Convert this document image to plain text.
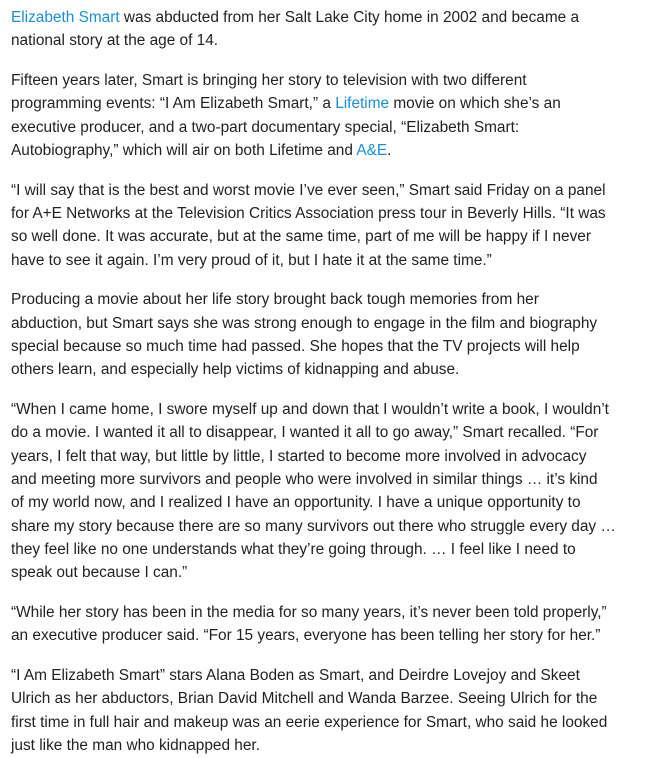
Elizabeth Smart was abducted from her Salt Lake City home in 2002 and became a
national story at the age of 14.

Fifteen years later, Smart is bringing her story to television with two different
programming events: “I Am Elizabeth Smart,” a Lifetime movie on which she’s an
executive producer, and a two-part documentary special, “Elizabeth Smart:
Autobiography,” which will air on both Lifetime and A&E.

“I will say that is the best and worst movie I’ve ever seen,” Smart said Friday on a panel
for A+E Networks at the Television Critics Association press tour in Beverly Hills. “It was
so well done. It was accurate, but at the same time, part of me will be happy if I never
have to see it again. I’m very proud of it, but I hate it at the same time.”

Producing a movie about her life story brought back tough memories from her
abduction, but Smart says she was strong enough to engage in the film and biography
special because so much time had passed. She hopes that the TV projects will help
others learn, and especially help victims of kidnapping and abuse.

“When I came home, I swore myself up and down that I wouldn’t write a book, I wouldn’t
do a movie. I wanted it all to disappear, I wanted it all to go away,” Smart recalled. “For
years, I felt that way, but little by little, I started to become more involved in advocacy
and meeting more survivors and people who were involved in similar things … it’s kind
of my world now, and I realized I have an opportunity. I have a unique opportunity to
share my story because there are so many survivors out there who struggle every day …
they feel like no one understands what they’re going through. … I feel like I need to
speak out because I can.”

“While her story has been in the media for so many years, it’s never been told properly,”
an executive producer said. “For 15 years, everyone has been telling her story for her.”

“I Am Elizabeth Smart” stars Alana Boden as Smart, and Deirdre Lovejoy and Skeet
Ulrich as her abductors, Brian David Mitchell and Wanda Barzee. Seeing Ulrich for the
first time in full hair and makeup was an eerie experience for Smart, who said he looked
just like the man who kidnapped her.
